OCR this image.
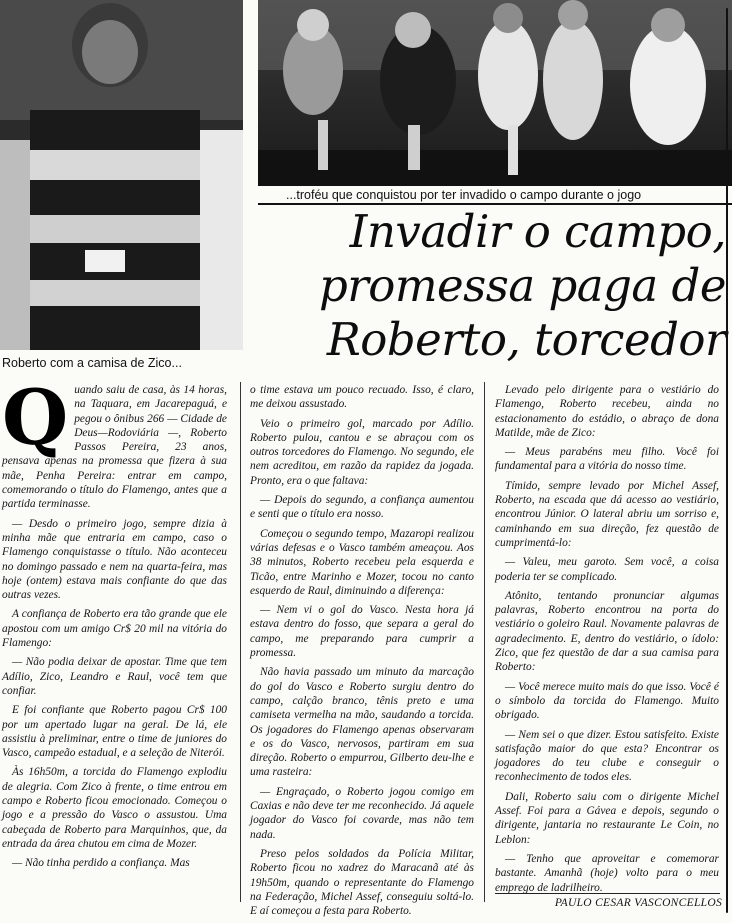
...troféu que conquistou por ter invadido o campo durante o jogo
Roberto com a camisa de Zico...
Invadir o campo,
promessa paga de
Roberto, torcedor
Q uando saiu de casa, às 14 horas, na Taquara, em Jacarepaguá, e pegou o ônibus 266 — Cidade de Deus—Rodoviária —, Roberto Passos Pereira, 23 anos, pensava apenas na promessa que fizera à sua mãe, Penha Pereira: entrar em campo, comemorando o título do Flamengo, antes que a partida terminasse.

— Desdo o primeiro jogo, sempre dizia à minha mãe que entraria em campo, caso o Flamengo conquistasse o título. Não aconteceu no domingo passado e nem na quarta-feira, mas hoje (ontem) estava mais confiante do que das outras vezes.

A confiança de Roberto era tão grande que ele apostou com um amigo Cr$ 20 mil na vitória do Flamengo:

— Não podia deixar de apostar. Time que tem Adílio, Zico, Leandro e Raul, você tem que confiar.

E foi confiante que Roberto pagou Cr$ 100 por um apertado lugar na geral. De lá, ele assistiu à preliminar, entre o time de juniores do Vasco, campeão estadual, e a seleção de Niterói.

Às 16h50m, a torcida do Flamengo explodiu de alegria. Com Zico à frente, o time entrou em campo e Roberto ficou emocionado. Começou o jogo e a pressão do Vasco o assustou. Uma cabeçada de Roberto para Marquinhos, que, da entrada da área chutou em cima de Mozer.

— Não tinha perdido a confiança. Mas

o time estava um pouco recuado. Isso, é claro, me deixou assustado.

Veio o primeiro gol, marcado por Adílio. Roberto pulou, cantou e se abraçou com os outros torcedores do Flamengo. No segundo, ele nem acreditou, em razão da rapidez da jogada. Pronto, era o que faltava:

— Depois do segundo, a confiança aumentou e senti que o título era nosso.

Começou o segundo tempo, Mazaropi realizou várias defesas e o Vasco também ameaçou. Aos 38 minutos, Roberto recebeu pela esquerda e Ticão, entre Marinho e Mozer, tocou no canto esquerdo de Raul, diminuindo a diferença:

— Nem vi o gol do Vasco. Nesta hora já estava dentro do fosso, que separa a geral do campo, me preparando para cumprir a promessa.

Não havia passado um minuto da marcação do gol do Vasco e Roberto surgiu dentro do campo, calção branco, tênis preto e uma camiseta vermelha na mão, saudando a torcida. Os jogadores do Flamengo apenas observaram e os do Vasco, nervosos, partiram em sua direção. Roberto o empurrou, Gilberto deu-lhe e uma rasteira:

— Engraçado, o Roberto jogou comigo em Caxias e não deve ter me reconhecido. Já aquele jogador do Vasco foi covarde, mas não tem nada.

Preso pelos soldados da Polícia Militar, Roberto ficou no xadrez do Maracanã até às 19h50m, quando o representante do Flamengo na Federação, Michel Assef, conseguiu soltá-lo. E aí começou a festa para Roberto.

Levado pelo dirigente para o vestiário do Flamengo, Roberto recebeu, ainda no estacionamento do estádio, o abraço de dona Matilde, mãe de Zico:

— Meus parabéns meu filho. Você foi fundamental para a vitória do nosso time.

Tímido, sempre levado por Michel Assef, Roberto, na escada que dá acesso ao vestiário, encontrou Júnior. O lateral abriu um sorriso e, caminhando em sua direção, fez questão de cumprimentá-lo:

— Valeu, meu garoto. Sem você, a coisa poderia ter se complicado.

Atônito, tentando pronunciar algumas palavras, Roberto encontrou na porta do vestiário o goleiro Raul. Novamente palavras de agradecimento. E, dentro do vestiário, o ídolo: Zico, que fez questão de dar a sua camisa para Roberto:

— Você merece muito mais do que isso. Você é o símbolo da torcida do Flamengo. Muito obrigado.

— Nem sei o que dizer. Estou satisfeito. Existe satisfação maior do que esta? Encontrar os jogadores do teu clube e conseguir o reconhecimento de todos eles.

Dali, Roberto saiu com o dirigente Michel Assef. Foi para a Gávea e depois, segundo o dirigente, jantaria no restaurante Le Coin, no Leblon:

— Tenho que aproveitar e comemorar bastante. Amanhã (hoje) volto para o meu emprego de ladrilheiro.

PAULO CESAR VASCONCELLOS
